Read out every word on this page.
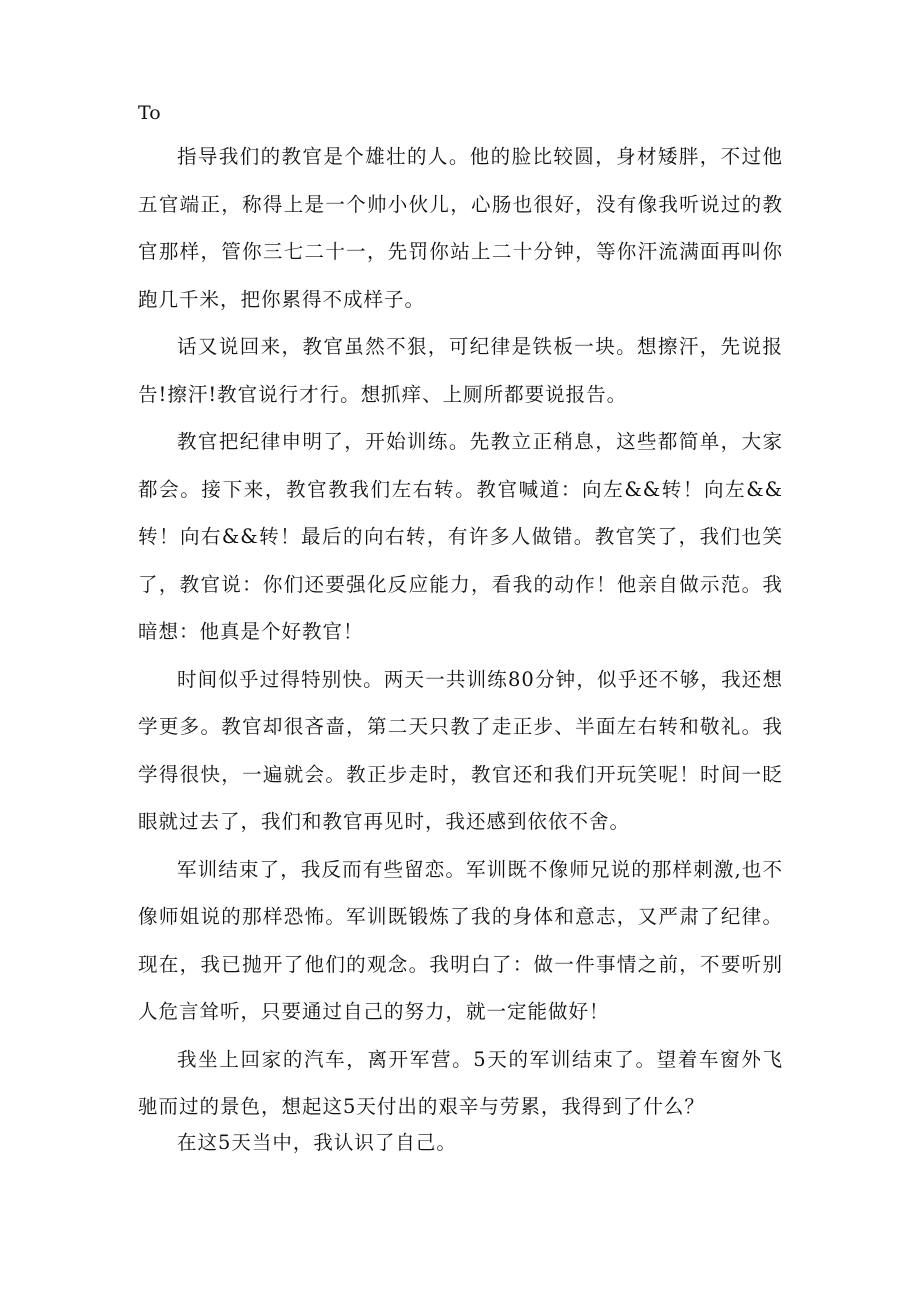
To

指导我们的教官是个雄壮的人。他的脸比较圆，身材矮胖，不过他五官端正，称得上是一个帅小伙儿，心肠也很好，没有像我听说过的教官那样，管你三七二十一，先罚你站上二十分钟，等你汗流满面再叫你跑几千米，把你累得不成样子。

话又说回来，教官虽然不狠，可纪律是铁板一块。想擦汗，先说报告!擦汗!教官说行才行。想抓痒、上厕所都要说报告。

教官把纪律申明了，开始训练。先教立正稍息，这些都简单，大家都会。接下来，教官教我们左右转。教官喊道：向左&&转！向左&&转！向右&&转！最后的向右转，有许多人做错。教官笑了，我们也笑了，教官说：你们还要强化反应能力，看我的动作！他亲自做示范。我暗想：他真是个好教官！

时间似乎过得特别快。两天一共训练80分钟，似乎还不够，我还想学更多。教官却很吝啬，第二天只教了走正步、半面左右转和敬礼。我学得很快，一遍就会。教正步走时，教官还和我们开玩笑呢！时间一眨眼就过去了，我们和教官再见时，我还感到依依不舍。

军训结束了，我反而有些留恋。军训既不像师兄说的那样刺激,也不像师姐说的那样恐怖。军训既锻炼了我的身体和意志，又严肃了纪律。现在，我已抛开了他们的观念。我明白了：做一件事情之前，不要听别人危言耸听，只要通过自己的努力，就一定能做好！

我坐上回家的汽车，离开军营。5天的军训结束了。望着车窗外飞驰而过的景色，想起这5天付出的艰辛与劳累，我得到了什么？

在这5天当中，我认识了自己。
